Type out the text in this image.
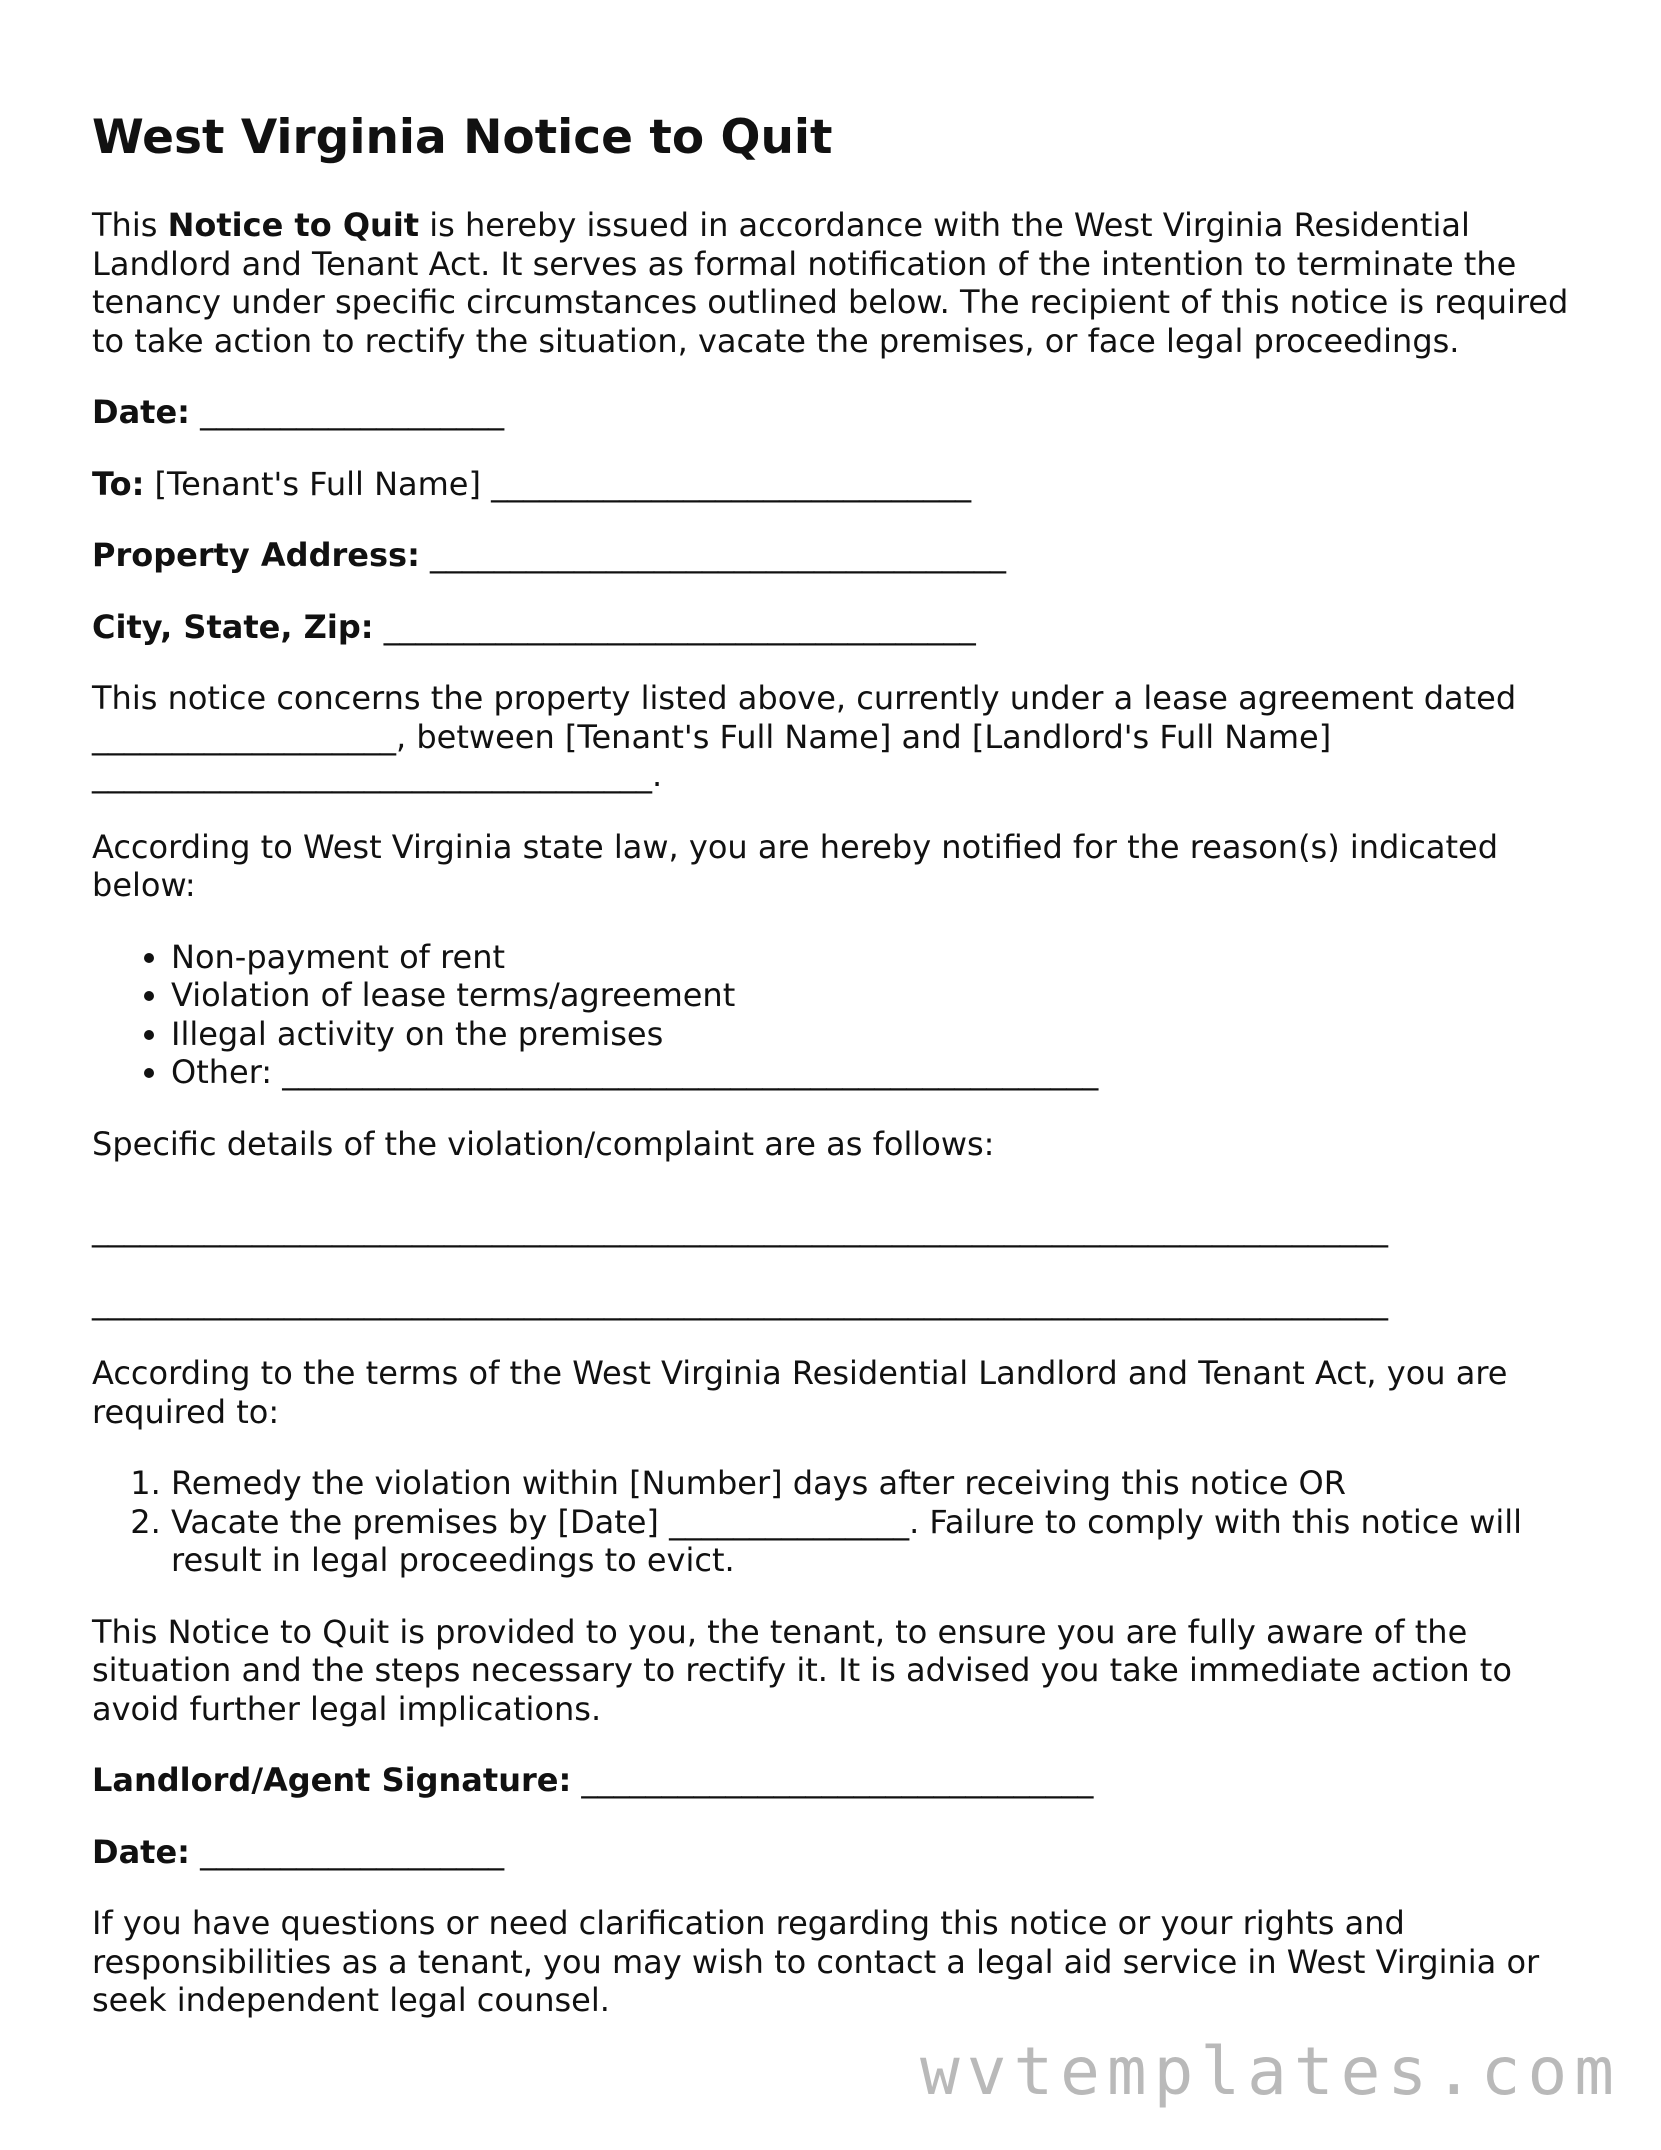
West Virginia Notice to Quit

This Notice to Quit is hereby issued in accordance with the West Virginia Residential Landlord and Tenant Act. It serves as formal notification of the intention to terminate the tenancy under specific circumstances outlined below. The recipient of this notice is required to take action to rectify the situation, vacate the premises, or face legal proceedings.

Date: ___________________
To: [Tenant's Full Name] ______________________________
Property Address: ____________________________________
City, State, Zip: _____________________________________

This notice concerns the property listed above, currently under a lease agreement dated ___________________, between [Tenant's Full Name] and [Landlord's Full Name] ___________________________________.

According to West Virginia state law, you are hereby notified for the reason(s) indicated below:

• Non-payment of rent
• Violation of lease terms/agreement
• Illegal activity on the premises
• Other: ___________________________________________________

Specific details of the violation/complaint are as follows:

_________________________________________________________________________________
_________________________________________________________________________________

According to the terms of the West Virginia Residential Landlord and Tenant Act, you are required to:

1. Remedy the violation within [Number] days after receiving this notice OR
2. Vacate the premises by [Date] _______________. Failure to comply with this notice will result in legal proceedings to evict.

This Notice to Quit is provided to you, the tenant, to ensure you are fully aware of the situation and the steps necessary to rectify it. It is advised you take immediate action to avoid further legal implications.

Landlord/Agent Signature: ________________________________
Date: ___________________

If you have questions or need clarification regarding this notice or your rights and responsibilities as a tenant, you may wish to contact a legal aid service in West Virginia or seek independent legal counsel.

wvtemplates.com
